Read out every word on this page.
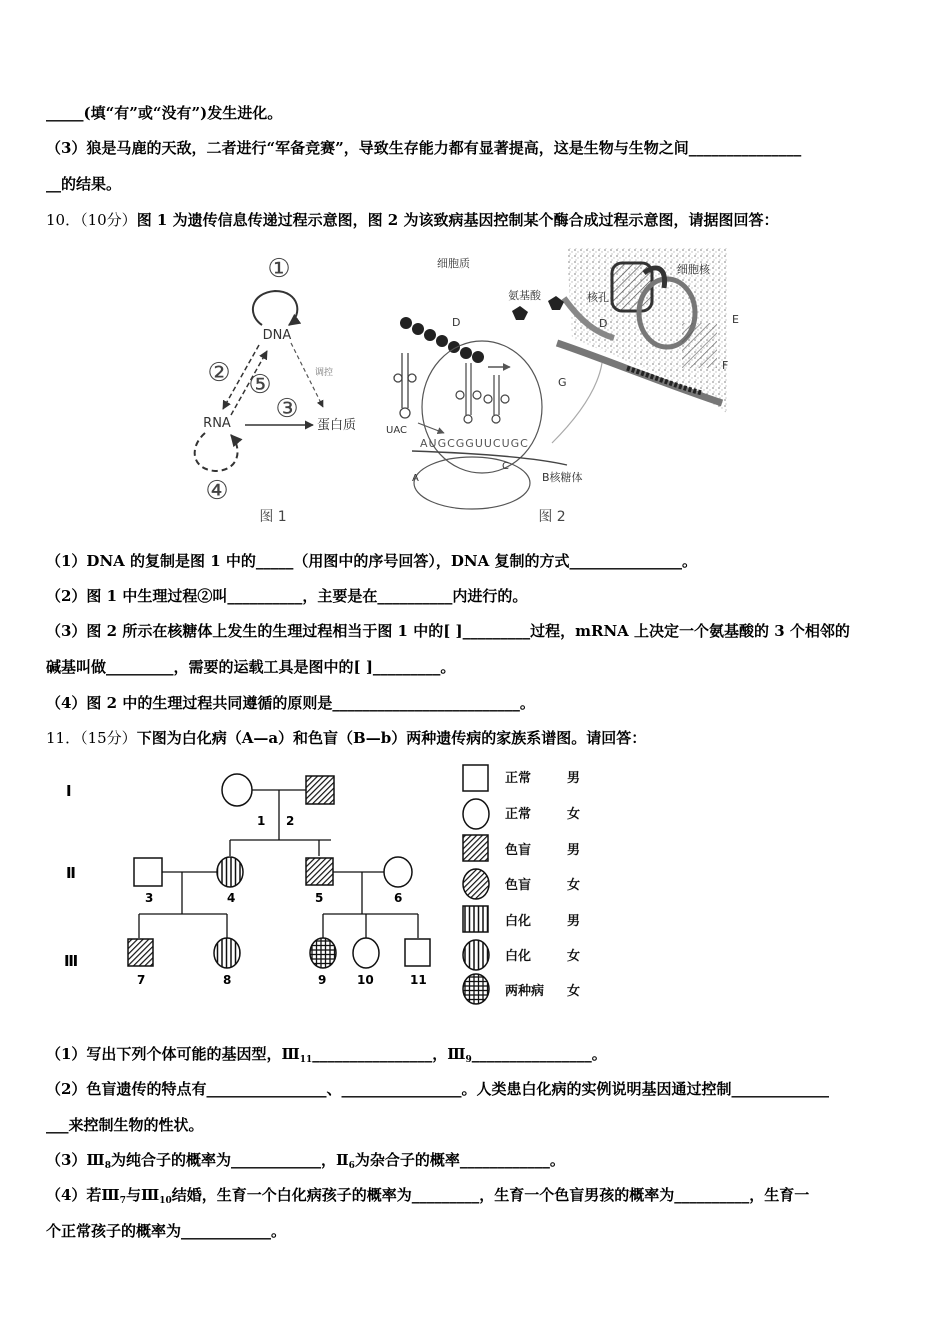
_____(填“有”或“没有”)发生进化。
（3）狼是马鹿的天敌，二者进行“军备竞赛”，导致生存能力都有显著提高，这是生物与生物之间_______________
__的结果。
10．（10分）图 1 为遗传信息传递过程示意图，图 2 为该致病基因控制某个酶合成过程示意图，请据图回答：
①
DNA
调控
② ⑤
③
RNA	蛋白质
④
图 1
细胞质
氨基酸
细胞核
核孔
D	D	E
F
UAC
G
C
A
AUGCGGUUCUGC
B核糖体
图 2
（1）DNA 的复制是图 1 中的_____（用图中的序号回答），DNA 复制的方式_______________。
（2）图 1 中生理过程②叫__________，主要是在__________内进行的。
（3）图 2 所示在核糖体上发生的生理过程相当于图 1 中的[ ]_________过程，mRNA 上决定一个氨基酸的 3 个相邻的
碱基叫做_________，需要的运载工具是图中的[ ]_________。
（4）图 2 中的生理过程共同遵循的原则是_________________________。
11．（15分）下图为白化病（A—a）和色盲（B—b）两种遗传病的家族系谱图。请回答：
Ⅰ
Ⅱ
Ⅲ
1 2
3	4	5	6
7	8	9	10	11
正常	男
正常	女
色盲	男
色盲	女
白化	男
白化	女
两种病 女
（1）写出下列个体可能的基因型，$Ⅲ_{11}\_\_\_\_\_\_\_\_\_\_\_\_\_\_\_\_$，$Ⅲ_9\_\_\_\_\_\_\_\_\_\_\_\_\_\_\_\_$。
（2）色盲遗传的特点有________________、________________。人类患白化病的实例说明基因通过控制_____________
___来控制生物的性状。
$(3)Ⅲ_8$为纯合子的概率为____________，$Ⅱ_6$为杂合子的概率____________。
（4）若$Ⅲ_7$与$Ⅲ_{10}$结婚，生育一个白化病孩子的概率为_________，生育一个色盲男孩的概率为__________，生育一
个正常孩子的概率为____________。
